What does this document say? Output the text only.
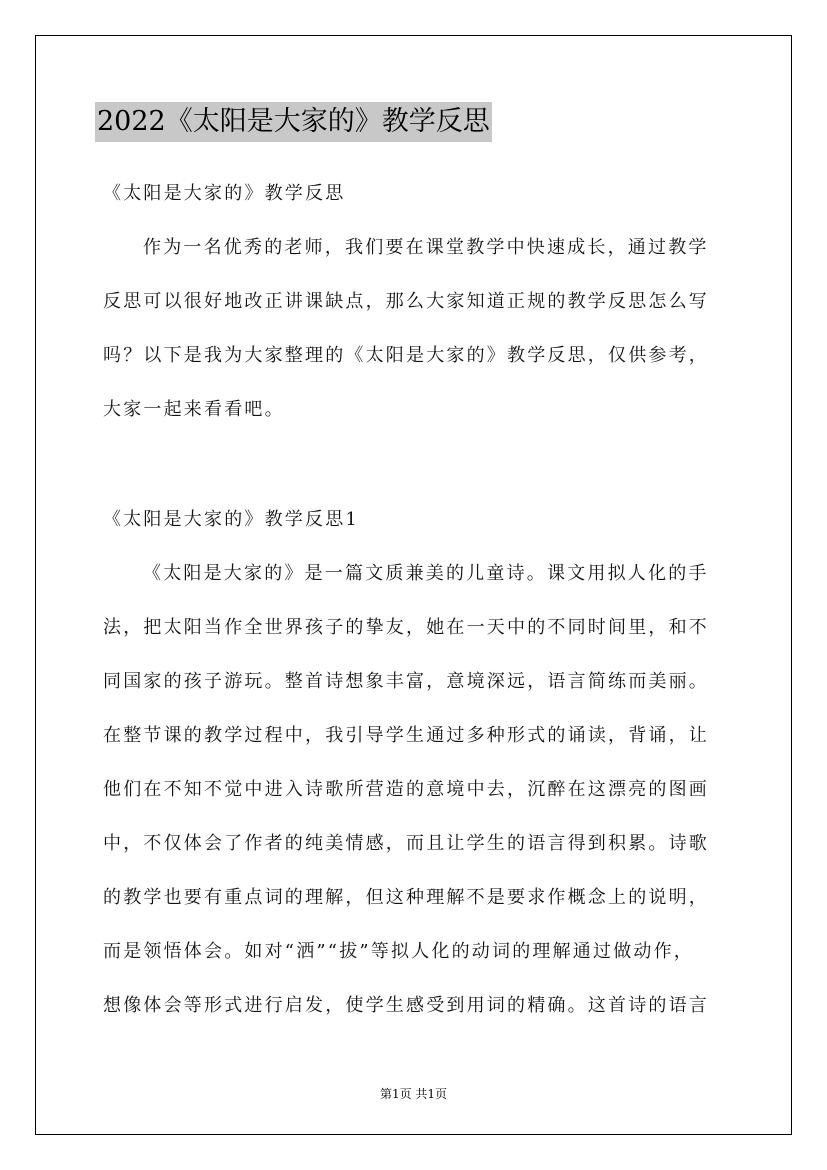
2022《太阳是大家的》教学反思
《太阳是大家的》教学反思
作为一名优秀的老师，我们要在课堂教学中快速成长，通过教学
反思可以很好地改正讲课缺点，那么大家知道正规的教学反思怎么写
吗？以下是我为大家整理的《太阳是大家的》教学反思，仅供参考，
大家一起来看看吧。
《太阳是大家的》教学反思1
《太阳是大家的》是一篇文质兼美的儿童诗。课文用拟人化的手
法，把太阳当作全世界孩子的挚友，她在一天中的不同时间里，和不
同国家的孩子游玩。整首诗想象丰富，意境深远，语言简练而美丽。
在整节课的教学过程中，我引导学生通过多种形式的诵读，背诵，让
他们在不知不觉中进入诗歌所营造的意境中去，沉醉在这漂亮的图画
中，不仅体会了作者的纯美情感，而且让学生的语言得到积累。诗歌
的教学也要有重点词的理解，但这种理解不是要求作概念上的说明，
而是领悟体会。如对“洒”“拔”等拟人化的动词的理解通过做动作，
想像体会等形式进行启发，使学生感受到用词的精确。这首诗的语言
第1页 共1页
